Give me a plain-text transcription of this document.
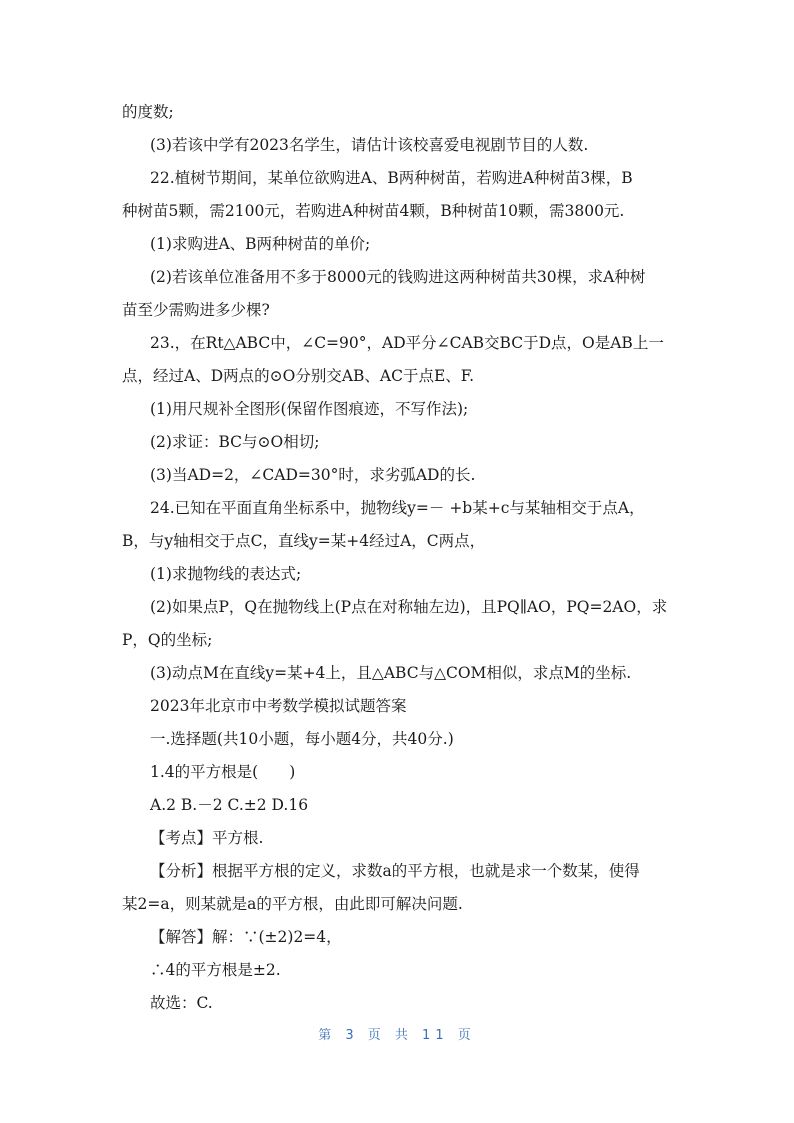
的度数;
(3)若该中学有2023名学生，请估计该校喜爱电视剧节目的人数.
22.植树节期间，某单位欲购进A、B两种树苗，若购进A种树苗3棵，B
种树苗5颗，需2100元，若购进A种树苗4颗，B种树苗10颗，需3800元.
(1)求购进A、B两种树苗的单价;
(2)若该单位准备用不多于8000元的钱购进这两种树苗共30棵，求A种树
苗至少需购进多少棵?
23.，在Rt△ABC中，∠C=90°，AD平分∠CAB交BC于D点，O是AB上一
点，经过A、D两点的⊙O分别交AB、AC于点E、F.
(1)用尺规补全图形(保留作图痕迹，不写作法);
(2)求证：BC与⊙O相切;
(3)当AD=2，∠CAD=30°时，求劣弧AD的长.
24.已知在平面直角坐标系中，抛物线y=－ +b某+c与某轴相交于点A，
B，与y轴相交于点C，直线y=某+4经过A，C两点，
(1)求抛物线的表达式;
(2)如果点P，Q在抛物线上(P点在对称轴左边)，且PQ∥AO，PQ=2AO，求
P，Q的坐标;
(3)动点M在直线y=某+4上，且△ABC与△COM相似，求点M的坐标.
2023年北京市中考数学模拟试题答案
一.选择题(共10小题，每小题4分，共40分.)
1.4的平方根是(　　)
A.2 B.－2 C.±2 D.16
【考点】平方根.
【分析】根据平方根的定义，求数a的平方根，也就是求一个数某，使得
某2=a，则某就是a的平方根，由此即可解决问题.
【解答】解：∵(±2)2=4，
∴4的平方根是±2.
故选：C.
第 3 页 共 11 页
